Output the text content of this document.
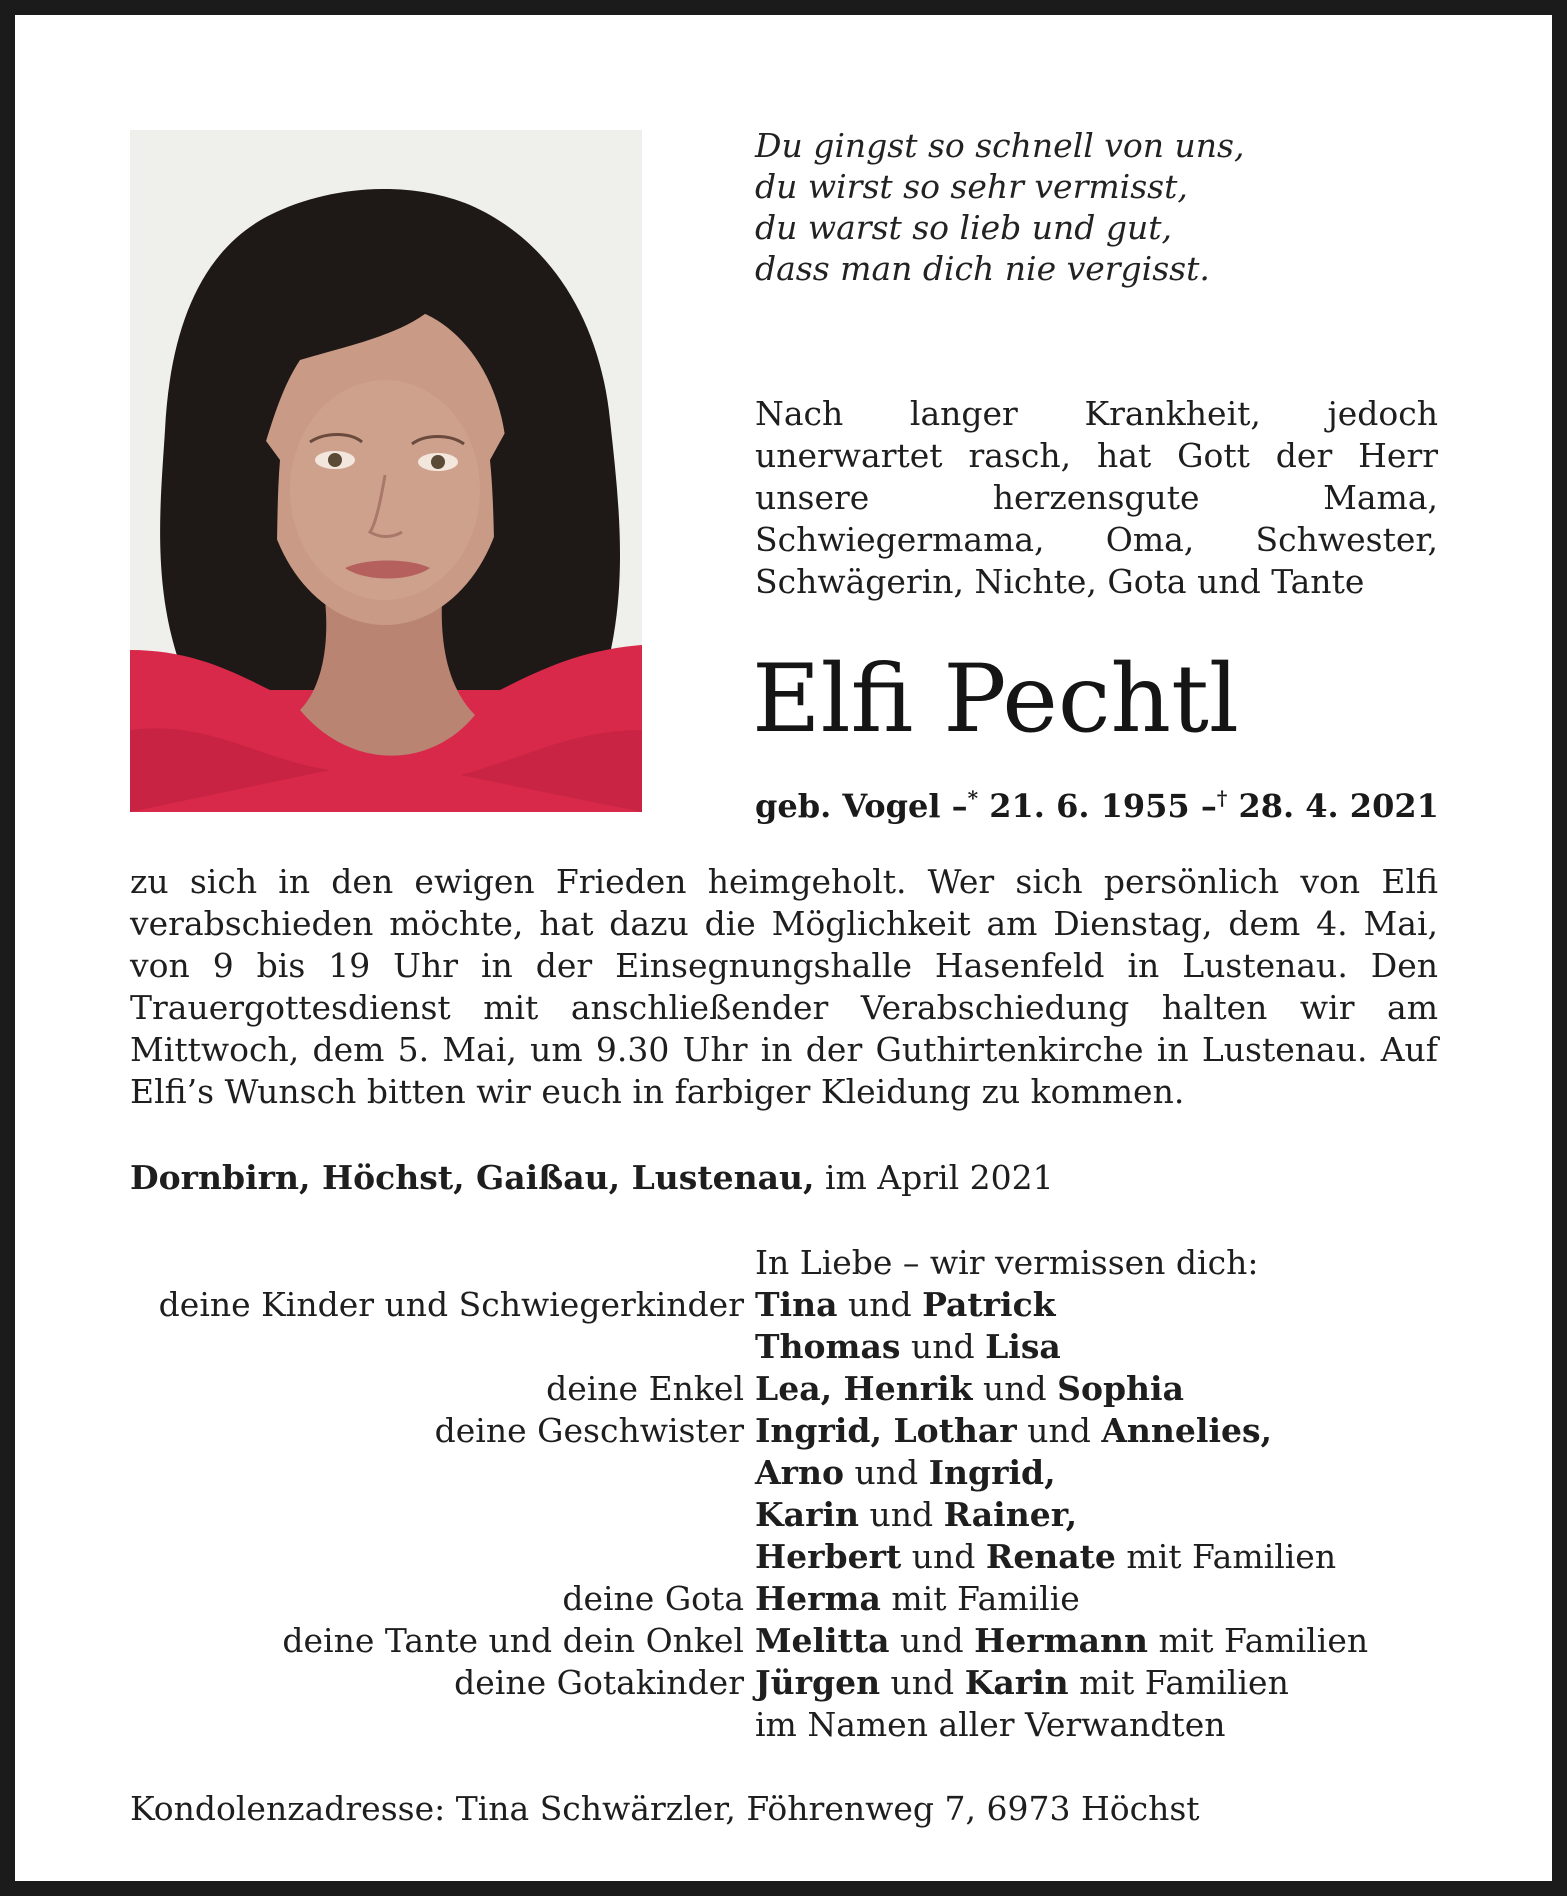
Du gingst so schnell von uns,
du wirst so sehr vermisst,
du warst so lieb und gut,
dass man dich nie vergisst.
Nach langer Krankheit, jedoch unerwartet rasch, hat Gott der Herr unsere herzensgute Mama, Schwiegermama, Oma, Schwester, Schwägerin, Nichte, Gota und Tante
Elfi Pechtl
geb. Vogel –* 21. 6. 1955 –† 28. 4. 2021
zu sich in den ewigen Frieden heimgeholt. Wer sich persönlich von Elfi verabschieden möchte, hat dazu die Möglichkeit am Dienstag, dem 4. Mai, von 9 bis 19 Uhr in der Einsegnungshalle Hasenfeld in Lustenau. Den Trauergottesdienst mit anschließender Verabschiedung halten wir am Mittwoch, dem 5. Mai, um 9.30 Uhr in der Guthirtenkirche in Lustenau. Auf Elfi’s Wunsch bitten wir euch in farbiger Kleidung zu kommen.
Dornbirn, Höchst, Gaißau, Lustenau, im April 2021
In Liebe – wir vermissen dich:
deine Kinder und Schwiegerkinder Tina und Patrick
Thomas und Lisa
deine Enkel Lea, Henrik und Sophia
deine Geschwister Ingrid, Lothar und Annelies,
Arno und Ingrid,
Karin und Rainer,
Herbert und Renate mit Familien
deine Gota Herma mit Familie
deine Tante und dein Onkel Melitta und Hermann mit Familien
deine Gotakinder Jürgen und Karin mit Familien
im Namen aller Verwandten
Kondolenzadresse: Tina Schwärzler, Föhrenweg 7, 6973 Höchst
